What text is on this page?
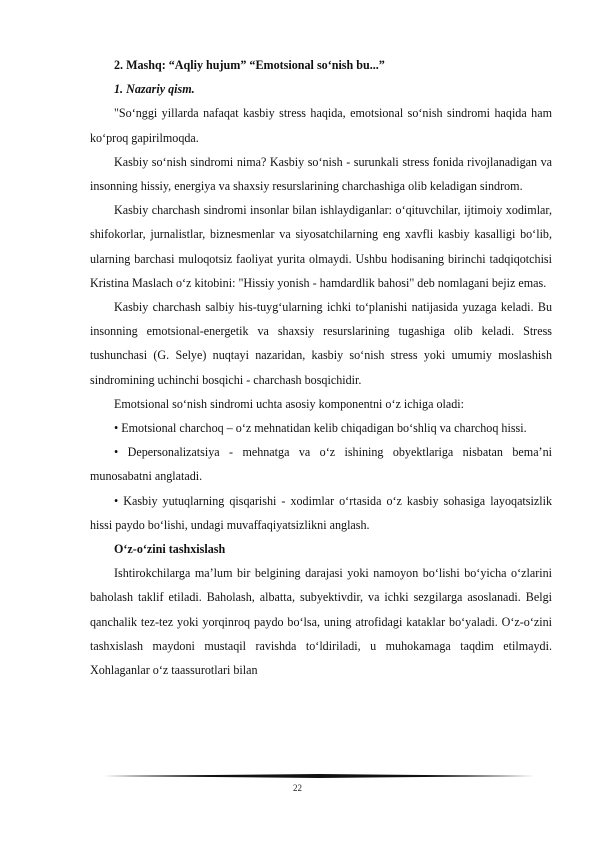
2. Mashq: “Aqliy hujum” “Emotsional so‘nish bu...”

1. Nazariy qism.

"So‘nggi yillarda nafaqat kasbiy stress haqida, emotsional so‘nish sindromi haqida ham ko‘proq gapirilmoqda.

Kasbiy so‘nish sindromi nima? Kasbiy so‘nish - surunkali stress fonida rivojlanadigan va insonning hissiy, energiya va shaxsiy resurslarining charchashiga olib keladigan sindrom.

Kasbiy charchash sindromi insonlar bilan ishlaydiganlar: o‘qituvchilar, ijtimoiy xodimlar, shifokorlar, jurnalistlar, biznesmenlar va siyosatchilarning eng xavfli kasbiy kasalligi bo‘lib, ularning barchasi muloqotsiz faoliyat yurita olmaydi. Ushbu hodisaning birinchi tadqiqotchisi Kristina Maslach o‘z kitobini: "Hissiy yonish - hamdardlik bahosi" deb nomlagani bejiz emas.

Kasbiy charchash salbiy his-tuyg‘ularning ichki to‘planishi natijasida yuzaga keladi. Bu insonning emotsional-energetik va shaxsiy resurslarining tugashiga olib keladi. Stress tushunchasi (G. Selye) nuqtayi nazaridan, kasbiy so‘nish stress yoki umumiy moslashish sindromining uchinchi bosqichi - charchash bosqichidir.

Emotsional so‘nish sindromi uchta asosiy komponentni o‘z ichiga oladi:

• Emotsional charchoq – o‘z mehnatidan kelib chiqadigan bo‘shliq va charchoq hissi.

• Depersonalizatsiya - mehnatga va o‘z ishining obyektlariga nisbatan bema’ni munosabatni anglatadi.

• Kasbiy yutuqlarning qisqarishi - xodimlar o‘rtasida o‘z kasbiy sohasiga layoqatsizlik hissi paydo bo‘lishi, undagi muvaffaqiyatsizlikni anglash.

O‘z-o‘zini tashxislash

Ishtirokchilarga ma’lum bir belgining darajasi yoki namoyon bo‘lishi bo‘yicha o‘zlarini baholash taklif etiladi. Baholash, albatta, subyektivdir, va ichki sezgilarga asoslanadi. Belgi qanchalik tez-tez yoki yorqinroq paydo bo‘lsa, uning atrofidagi kataklar bo‘yaladi. O‘z-o‘zini tashxislash maydoni mustaqil ravishda to‘ldiriladi, u muhokamaga taqdim etilmaydi. Xohlaganlar o‘z taassurotlari bilan

22
